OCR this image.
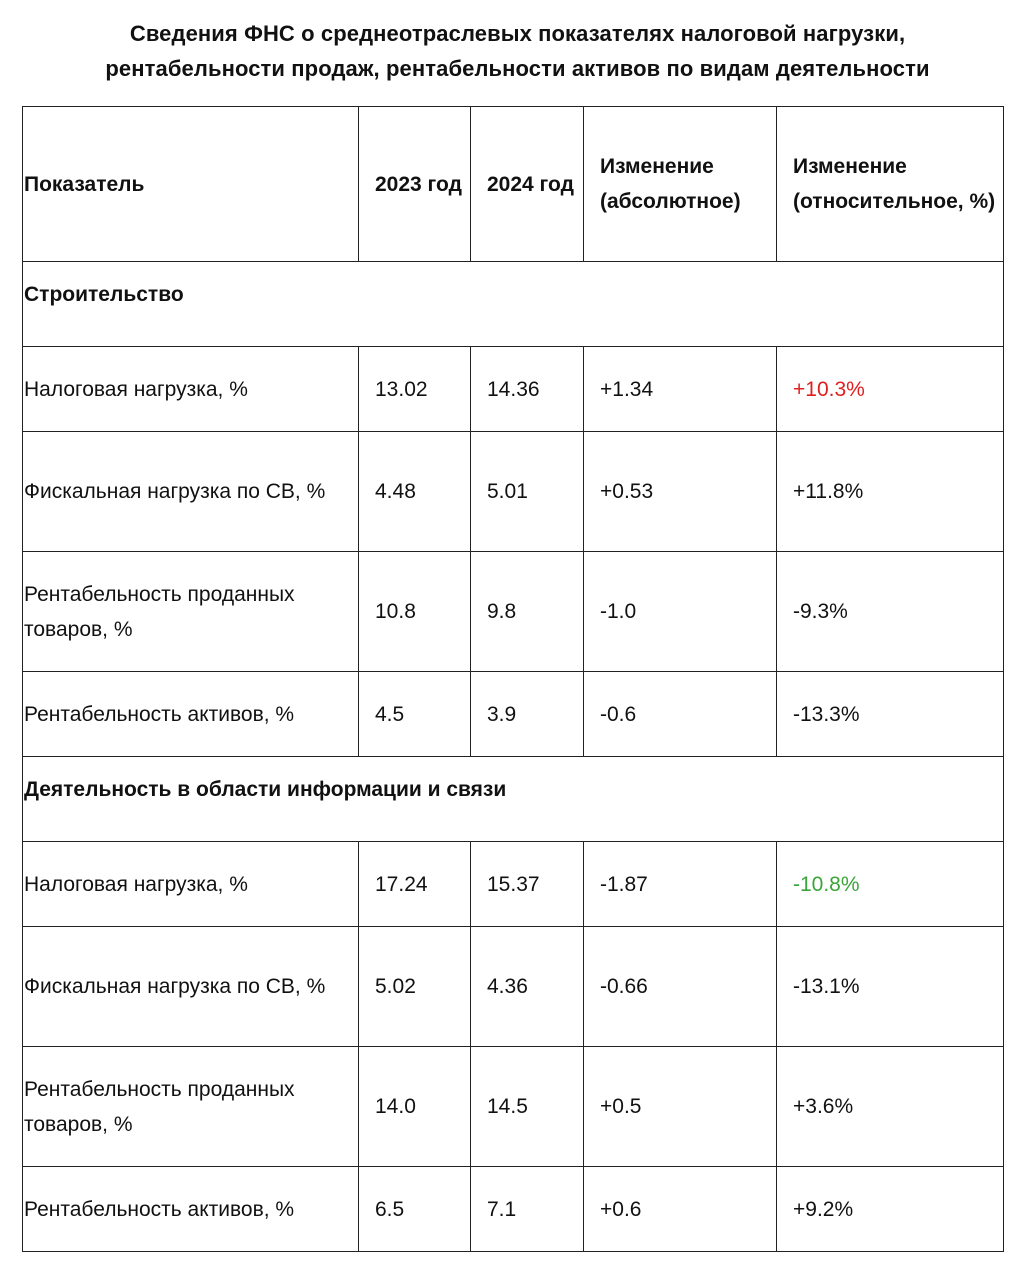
Сведения ФНС о среднеотраслевых показателях налоговой нагрузки,
рентабельности продаж, рентабельности активов по видам деятельности
Показатель	2023 год	2024 год	Изменение (абсолютное)	Изменение (относительное, %)
Строительство				
Налоговая нагрузка, %	13.02	14.36	+1.34	+10.3%
Фискальная нагрузка по СВ, %	4.48	5.01	+0.53	+11.8%
Рентабельность проданных товаров, %	10.8	9.8	-1.0	-9.3%
Рентабельность активов, %	4.5	3.9	-0.6	-13.3%
Деятельность в области информации и связи				
Налоговая нагрузка, %	17.24	15.37	-1.87	-10.8%
Фискальная нагрузка по СВ, %	5.02	4.36	-0.66	-13.1%
Рентабельность проданных товаров, %	14.0	14.5	+0.5	+3.6%
Рентабельность активов, %	6.5	7.1	+0.6	+9.2%
